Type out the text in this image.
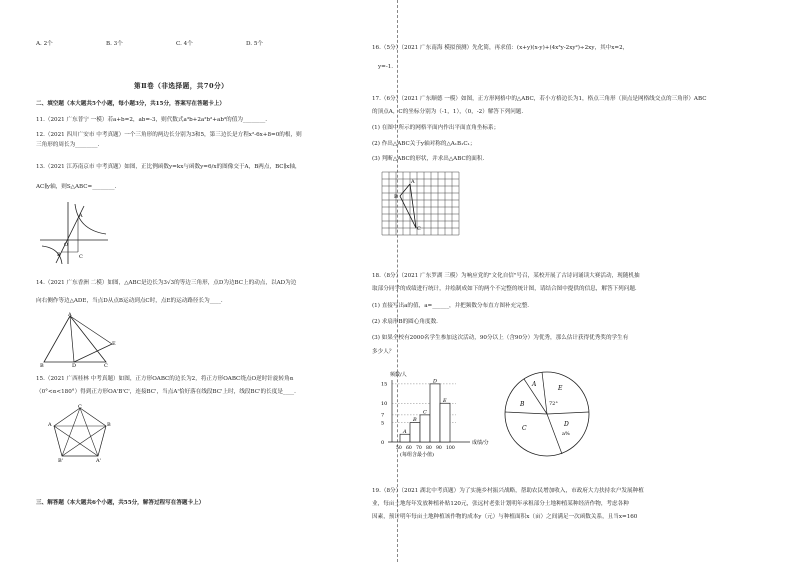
A. 2个	B. 3个	C. 4个	D. 5个
第Ⅱ卷（非选择题，共70分）
二、填空题（本大题共5个小题，每小题3分，共15分，答案写在答题卡上）
11.（2021 广东普宁 一模）若a+b=2，ab=-3，则代数式a³b+2a²b²+ab³的值为________.
12.（2021 四川广安市 中考真题）一个三角形的两边长分别为3和5，第三边长是方程x²-6x+8=0的根，则
三角形的周长为________.
13.（2021 江苏南京市 中考真题）如图，正比例函数y=kx与函数y=6/x的图像交于A，B两点，BC∥x轴，
AC∥y轴，则S△ABC=________.
A
B	C
O
14.（2021 广东香洲 二模）如图，△ABC是边长为3√3的等边三角形，点D为边BC上的动点，以AD为边
向右侧作等边△ADE，当点D从点B运动到点C时，点E的运动路径长为____.
A
B	D	C
E
15.（2021 广西桂林 中考真题）如图，正方形OABC的边长为2，将正方形OABC绕点O逆时针旋转角α
（0°<α<180°）得到正方形OA'B'C'，连接BC'，当点A'恰好落在线段BC'上时，线段BC'的长度是____.
C
B
A
B'	A'
三、解答题（本大题共6个小题，共55分，解答过程写在答题卡上）
16.（5分）（2021 广东南海 模拟预测）先化简，再求值：(x+y)(x-y)+(4x³y-2xy²)÷2xy，其中x=2，
y=-1.
17.（6分）（2021 广东顺德 一模）如图，正方形网格中的△ABC，若小方格边长为1，格点三角形（顶点是网格线交点的三角形）ABC
的顶点A，C的坐标分别为（-1，1），（0，-2）解答下列问题.
(1) 在图中所示的网格平面内作出平面直角坐标系；
(2) 作出△ABC关于y轴对称的△A₁B₁C₁；
(3) 判断△ABC的形状，并求出△ABC的面积.
A
B
C
18.（8分）（2021 广东罗湖 三模）为响应党的"文化自信"号召，某校开展了古诗词诵读大赛活动，现随机抽
取部分同学的成绩进行统计，并绘制成如下的两个不完整的统计图，请结合图中提供的信息，解答下列问题.
(1) 直接写出a的值，a=______，并把频数分布直方图补充完整.
(2) 求扇形B的圆心角度数.
(3) 如果全校有2000名学生参加这次活动，90分以上（含90分）为优秀，那么估计获得优秀奖的学生有
多少人？
频数/人
成绩/分
(每组含最小值)
15
10
7
5
0
50 60 70 80 90 100
A
B
C
D
E
A
E
B	72°
C
D
a%
19.（8分）（2021 湖北中考真题）为了实施乡村振兴战略，帮助农民增加收入，市政府大力扶持农户发展种植
业，每亩土地每年发放种植补贴120元，张远村老张计划明年承租部分土地种植某种经济作物，考虑各种
因素，预计明年每亩土地种植该作物的成本y（元）与种植面积x（亩）之间满足一次函数关系，且当x=160
